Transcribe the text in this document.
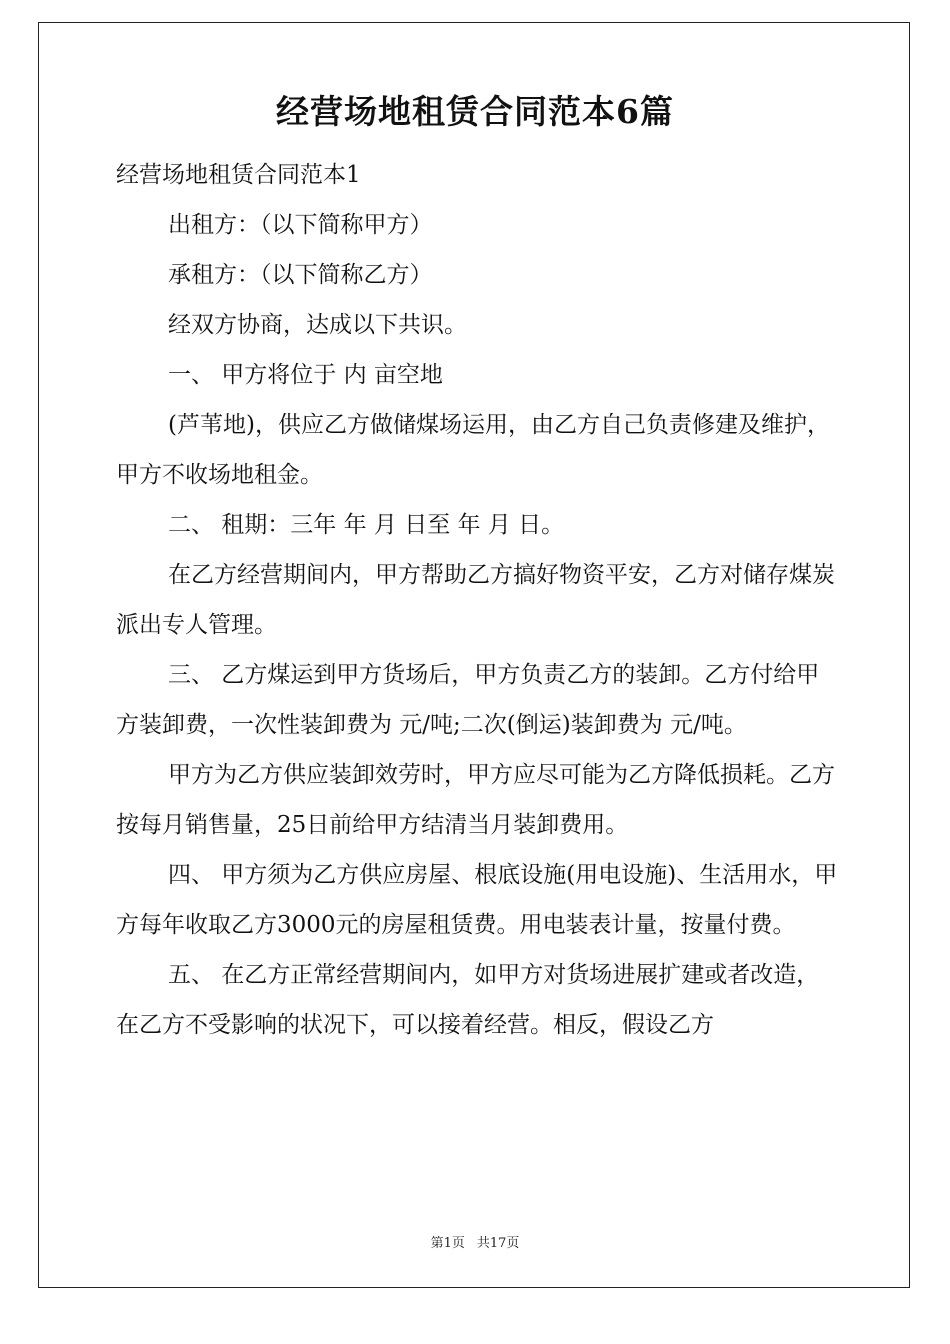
经营场地租赁合同范本6篇

经营场地租赁合同范本1

出租方：（以下简称甲方）

承租方：（以下简称乙方）

经双方协商，达成以下共识。

一、 甲方将位于 内 亩空地

(芦苇地)，供应乙方做储煤场运用，由乙方自己负责修建及维护，甲方不收场地租金。

二、 租期：三年 年 月 日至 年 月 日。

在乙方经营期间内，甲方帮助乙方搞好物资平安，乙方对储存煤炭派出专人管理。

三、 乙方煤运到甲方货场后，甲方负责乙方的装卸。乙方付给甲方装卸费，一次性装卸费为 元/吨;二次(倒运)装卸费为 元/吨。

甲方为乙方供应装卸效劳时，甲方应尽可能为乙方降低损耗。乙方按每月销售量，25日前给甲方结清当月装卸费用。

四、 甲方须为乙方供应房屋、根底设施(用电设施)、生活用水，甲方每年收取乙方3000元的房屋租赁费。用电装表计量，按量付费。

五、 在乙方正常经营期间内，如甲方对货场进展扩建或者改造，在乙方不受影响的状况下，可以接着经营。相反，假设乙方

第1页 共17页
